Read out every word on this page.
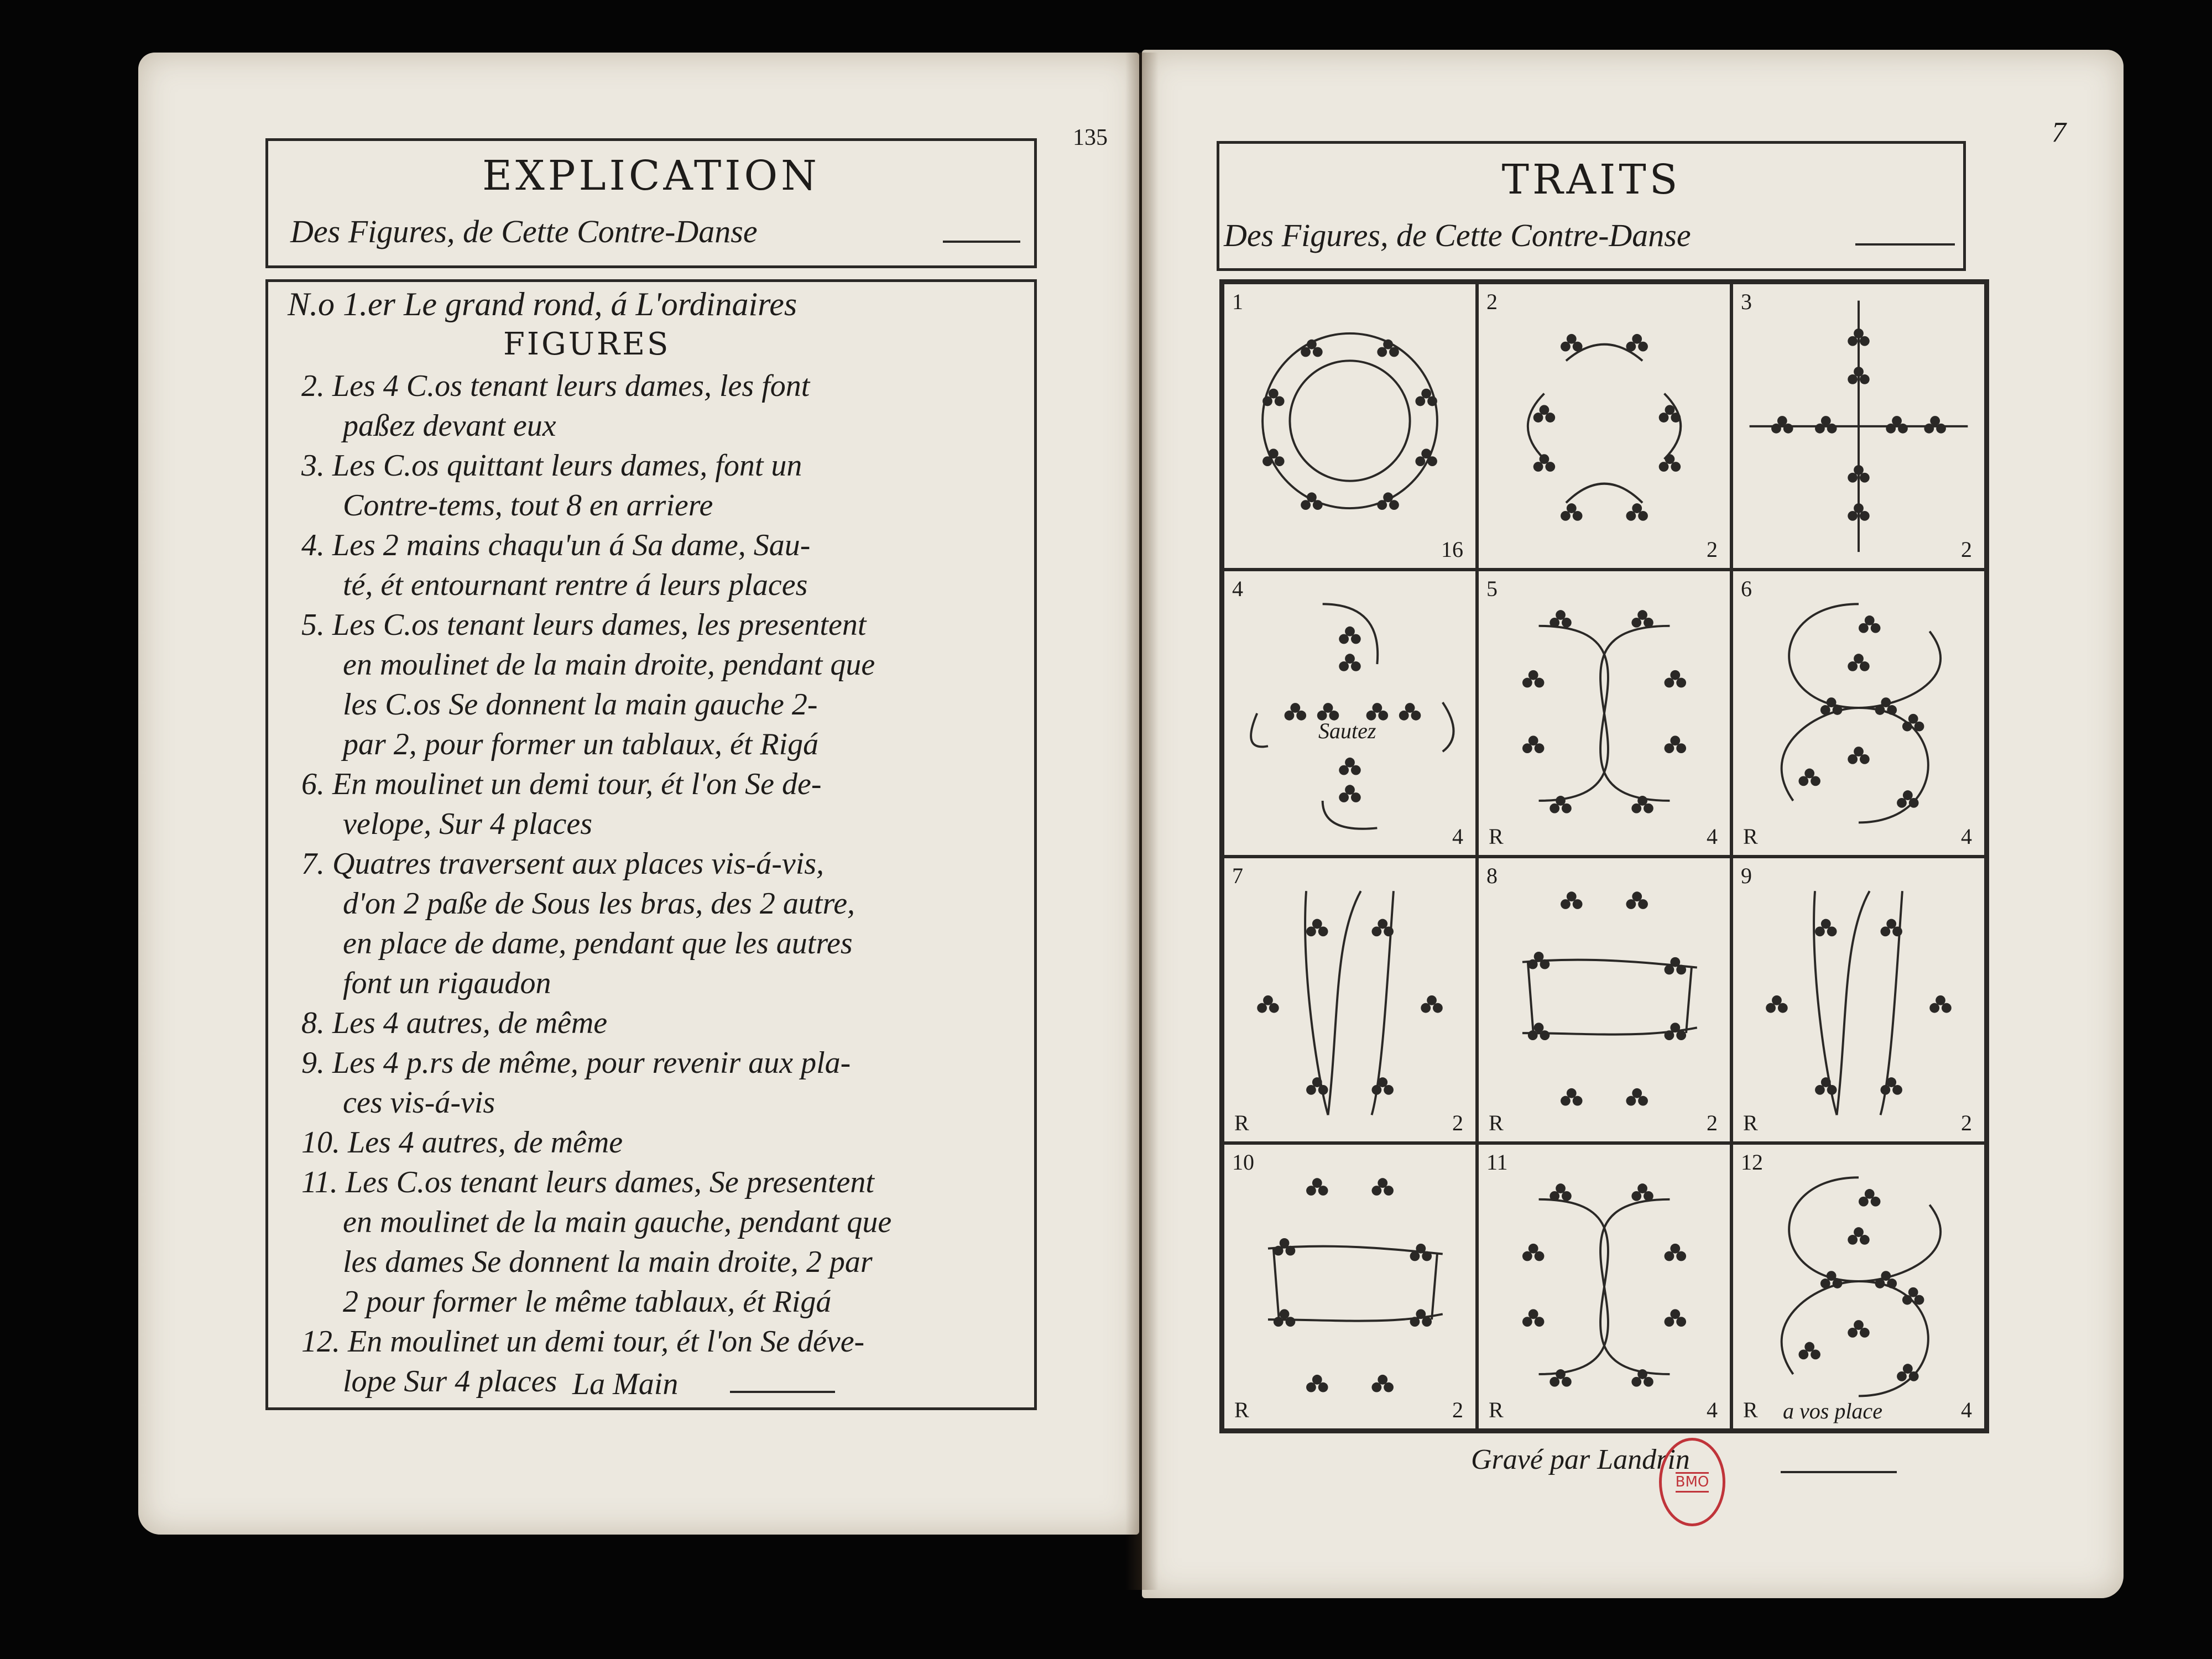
135	7
EXPLICATION
Des Figures, de Cette Contre-Danse
N.o 1.er Le grand rond, á L'ordinaires
FIGURES
2. Les 4 C.os tenant leurs dames, les font
paßez devant eux
3. Les C.os quittant leurs dames, font un
Contre-tems, tout 8 en arriere
4. Les 2 mains chaqu'un á Sa dame, Sau-
té, ét entournant rentre á leurs places
5. Les C.os tenant leurs dames, les presentent
en moulinet de la main droite, pendant que
les C.os Se donnent la main gauche 2-
par 2, pour former un tablaux, ét Rigá
6. En moulinet un demi tour, ét l'on Se de-
velope, Sur 4 places
7. Quatres traversent aux places vis-á-vis,
d'on 2 paße de Sous les bras, des 2 autre,
en place de dame, pendant que les autres
font un rigaudon
8. Les 4 autres, de même
9. Les 4 p.rs de même, pour revenir aux pla-
ces vis-á-vis
10. Les 4 autres, de même
11. Les C.os tenant leurs dames, Se presentent
en moulinet de la main gauche, pendant que
les dames Se donnent la main droite, 2 par
2 pour former le même tablaux, ét Rigá
12. En moulinet un demi tour, ét l'on Se déve-
lope Sur 4 places La Main
TRAITS
Des Figures, de Cette Contre-Danse
1
16
2
2
3
2
4
4
Sautez
5
4
R
6
4
R
7
2
R
8
2
R
9
2
R
10
2
R
11
4
R
12
4
R a vos place
Gravé par Landrin
BMO
